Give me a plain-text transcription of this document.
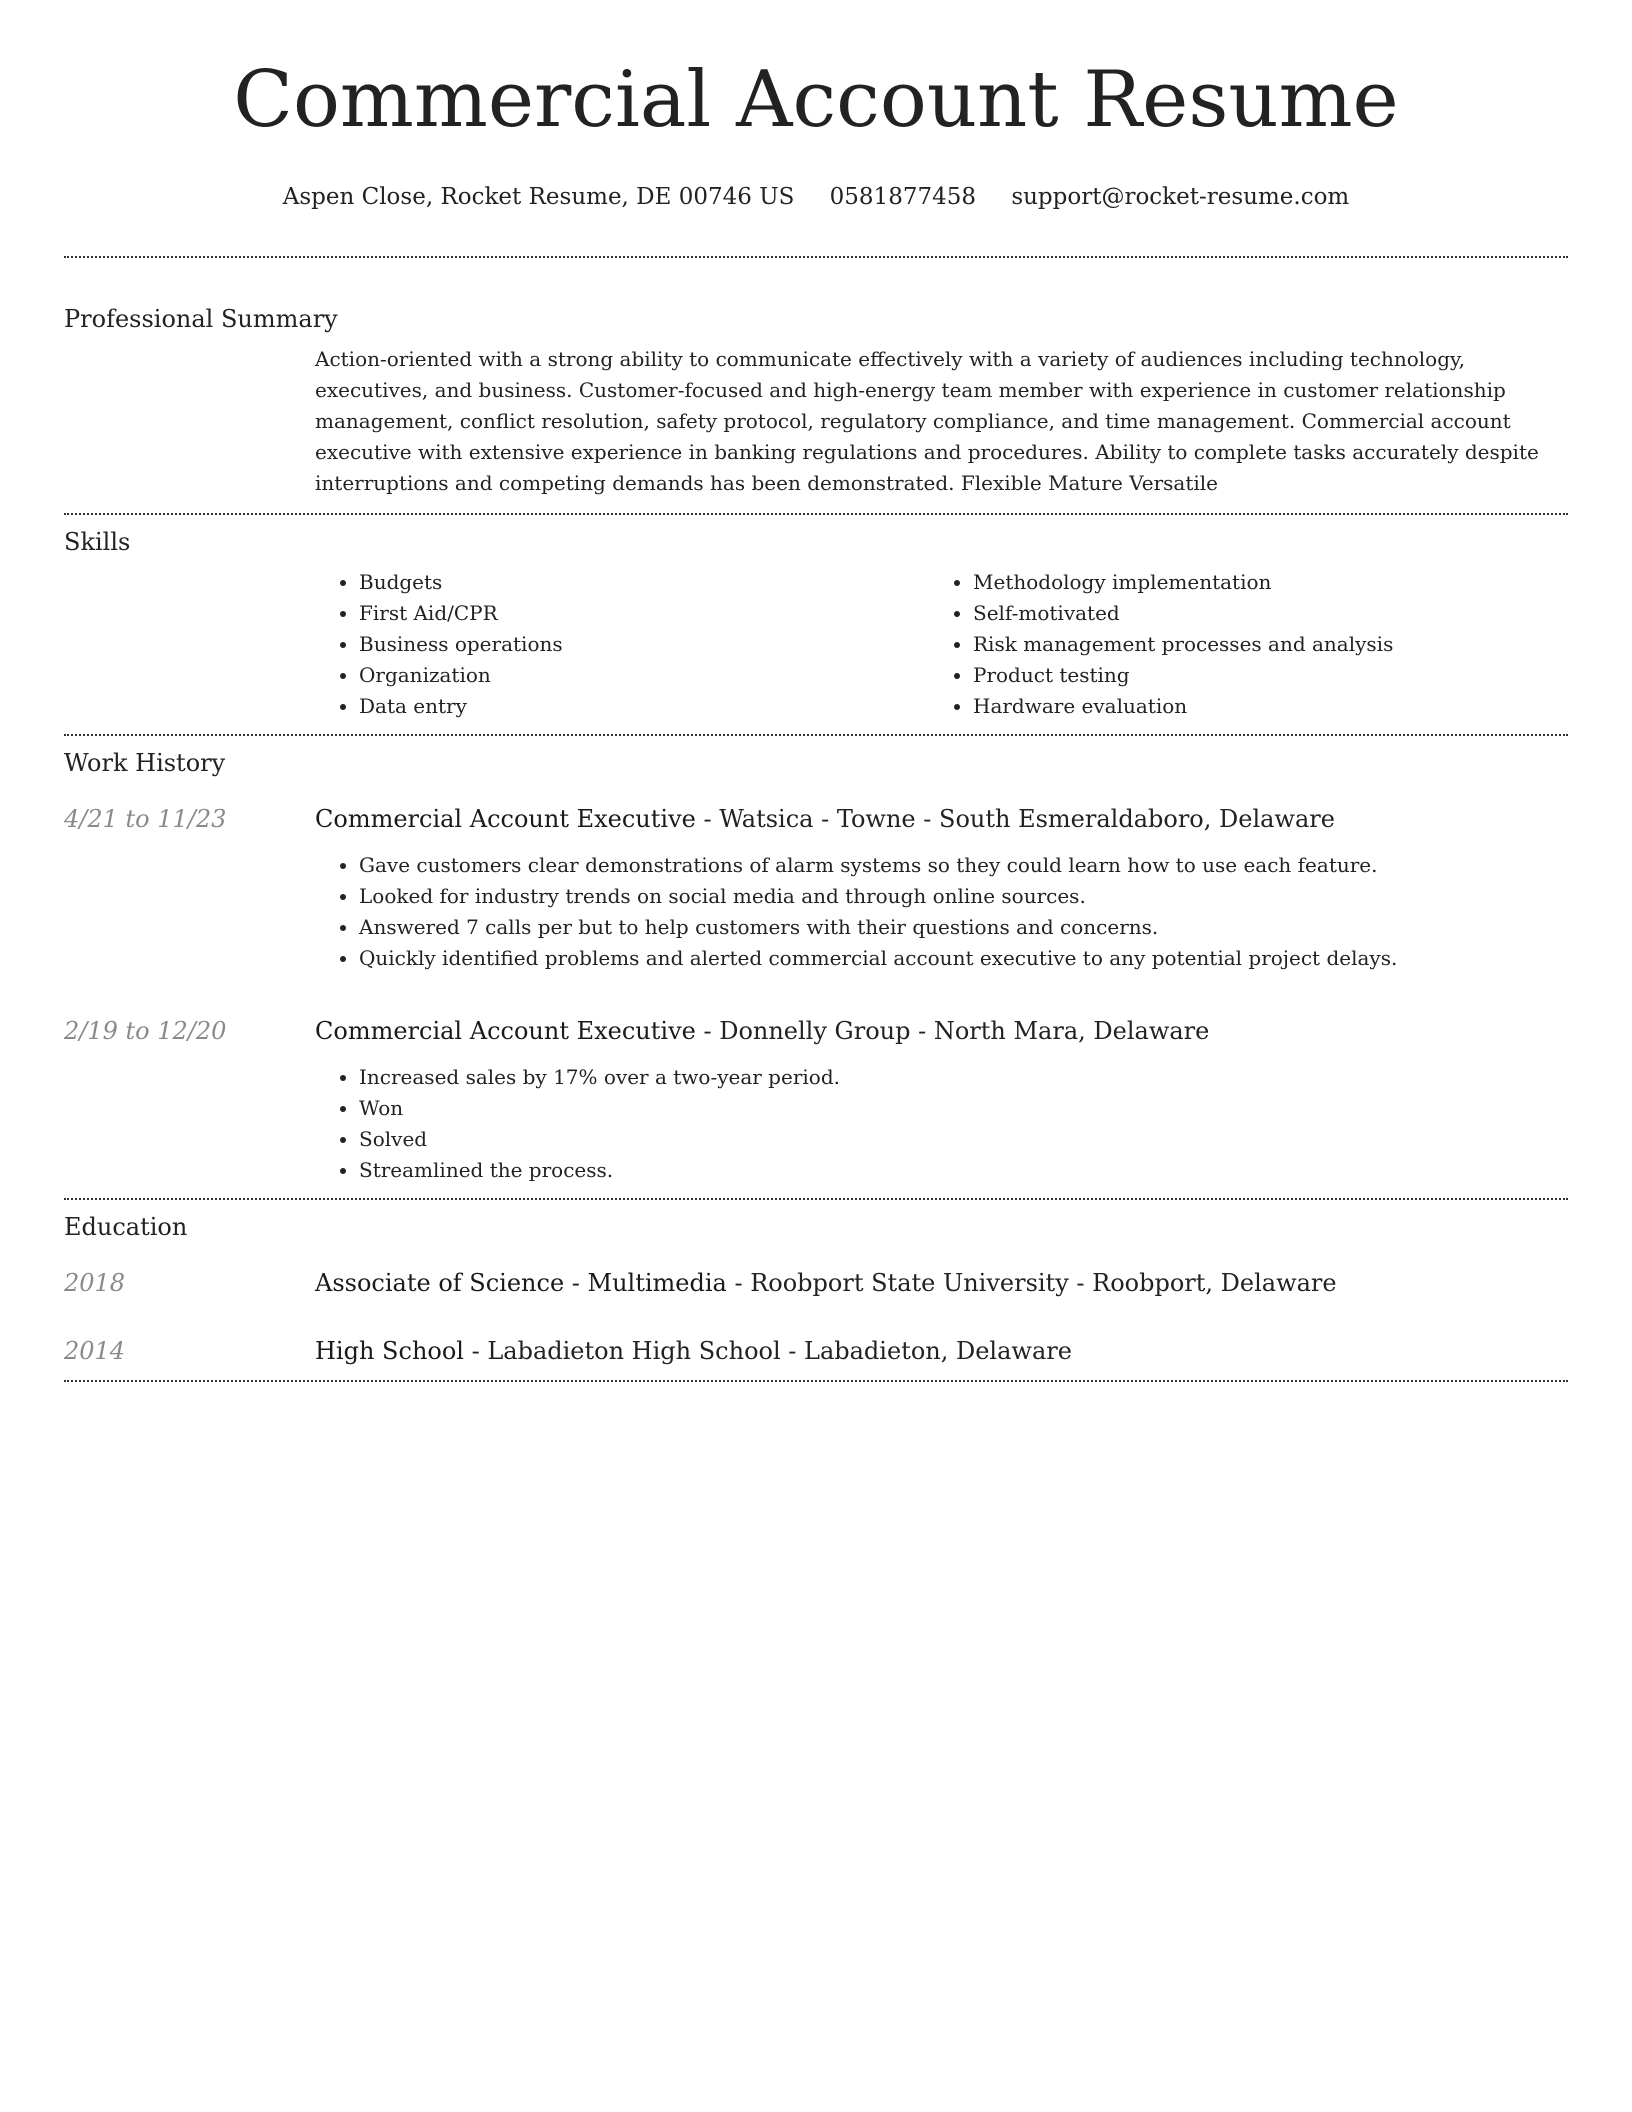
Commercial Account Resume
Aspen Close, Rocket Resume, DE 00746 US 0581877458 support@rocket-resume.com
Professional Summary

Action-oriented with a strong ability to communicate effectively with a variety of audiences including technology, executives, and business. Customer-focused and high-energy team member with experience in customer relationship management, conflict resolution, safety protocol, regulatory compliance, and time management. Commercial account executive with extensive experience in banking regulations and procedures. Ability to complete tasks accurately despite interruptions and competing demands has been demonstrated. Flexible Mature Versatile

Skills
• Budgets
• First Aid/CPR
• Business operations
• Organization
• Data entry
• Methodology implementation
• Self-motivated
• Risk management processes and analysis
• Product testing
• Hardware evaluation
Work History
4/21 to 11/23	Commercial Account Executive - Watsica - Towne - South Esmeraldaboro, Delaware
• Gave customers clear demonstrations of alarm systems so they could learn how to use each feature.
• Looked for industry trends on social media and through online sources.
• Answered 7 calls per but to help customers with their questions and concerns.
• Quickly identified problems and alerted commercial account executive to any potential project delays.
2/19 to 12/20	Commercial Account Executive - Donnelly Group - North Mara, Delaware
• Increased sales by 17% over a two-year period.
• Won
• Solved
• Streamlined the process.
Education
2018	Associate of Science - Multimedia - Roobport State University - Roobport, Delaware
2014	High School - Labadieton High School - Labadieton, Delaware
